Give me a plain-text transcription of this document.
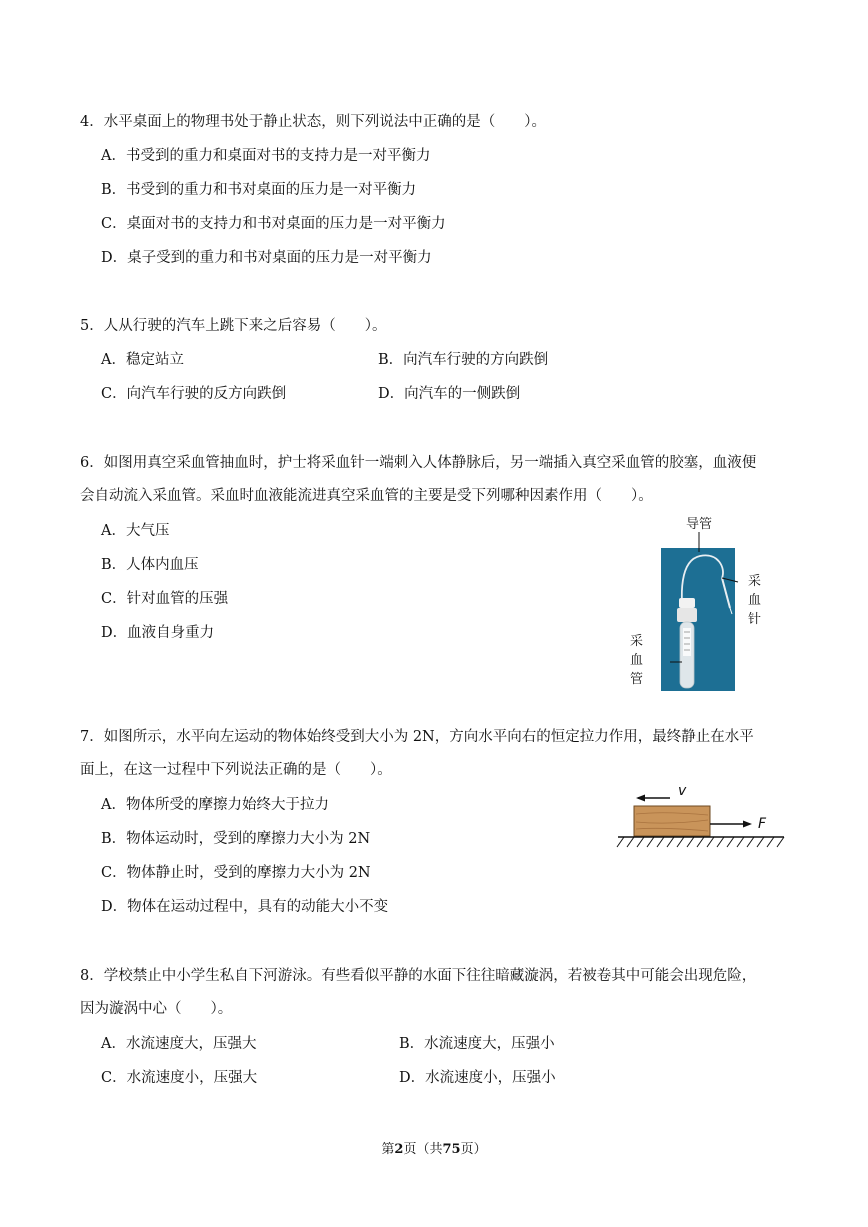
4．水平桌面上的物理书处于静止状态，则下列说法中正确的是（　　）。
A．书受到的重力和桌面对书的支持力是一对平衡力
B．书受到的重力和书对桌面的压力是一对平衡力
C．桌面对书的支持力和书对桌面的压力是一对平衡力
D．桌子受到的重力和书对桌面的压力是一对平衡力
5．人从行驶的汽车上跳下来之后容易（　　）。
A．稳定站立	B．向汽车行驶的方向跌倒
C．向汽车行驶的反方向跌倒	D．向汽车的一侧跌倒
6．如图用真空采血管抽血时，护士将采血针一端刺入人体静脉后，另一端插入真空采血管的胶塞，血液便
会自动流入采血管。采血时血液能流进真空采血管的主要是受下列哪种因素作用（　　）。
A．大气压
B．人体内血压
C．针对血管的压强
D．血液自身重力
导管
采血管
采血针
7．如图所示，水平向左运动的物体始终受到大小为 2N，方向水平向右的恒定拉力作用，最终静止在水平
面上，在这一过程中下列说法正确的是（　　）。
A．物体所受的摩擦力始终大于拉力
B．物体运动时，受到的摩擦力大小为 2N
C．物体静止时，受到的摩擦力大小为 2N
D．物体在运动过程中，具有的动能大小不变
v
F
8．学校禁止中小学生私自下河游泳。有些看似平静的水面下往往暗藏漩涡，若被卷其中可能会出现危险，
因为漩涡中心（　　）。
A．水流速度大，压强大	B．水流速度大，压强小
C．水流速度小，压强大	D．水流速度小，压强小
第2页（共75页）
